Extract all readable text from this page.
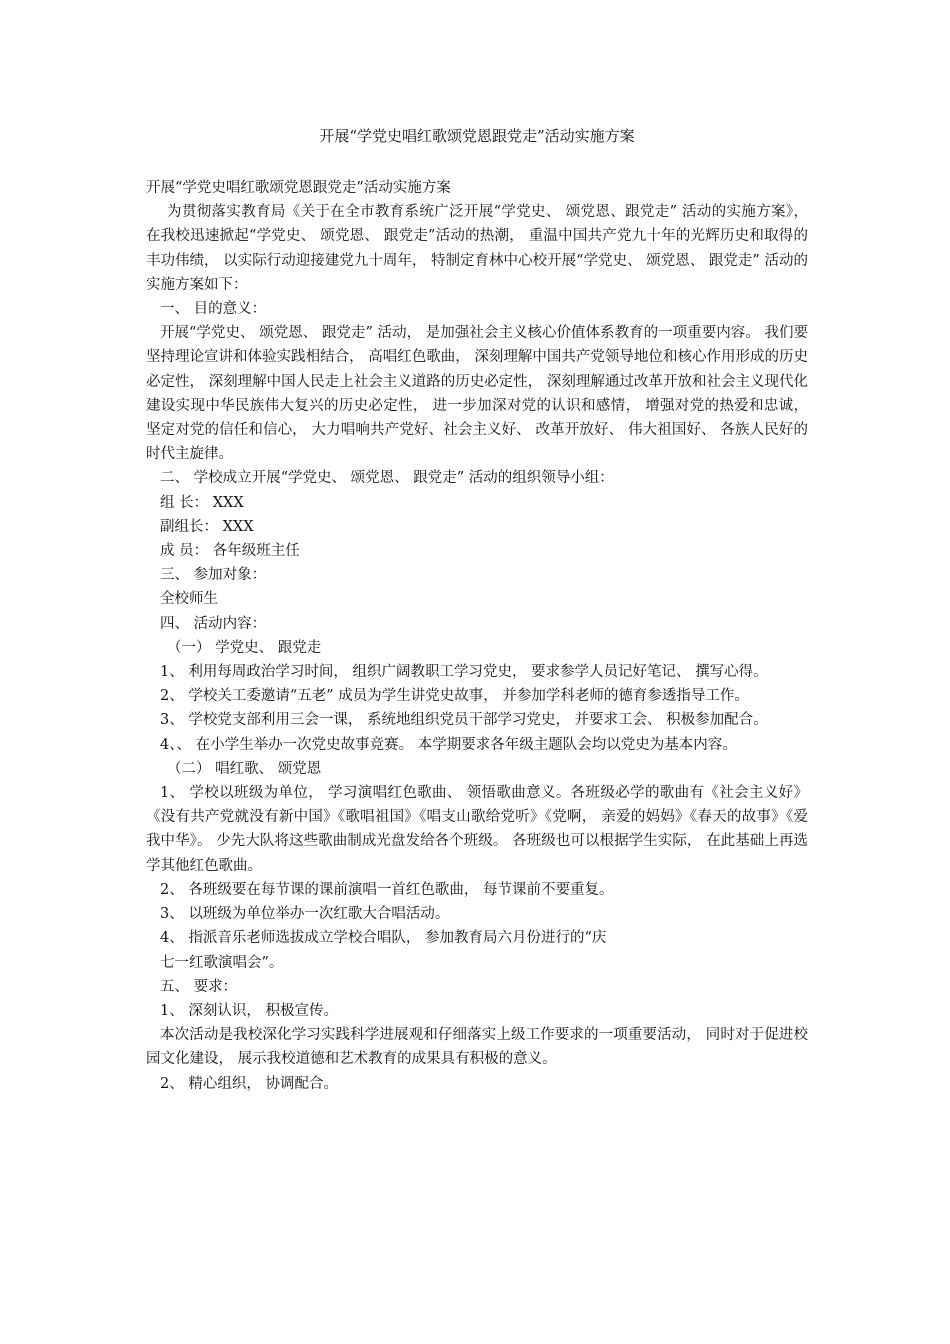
开展“学党史唱红歌颂党恩跟党走”活动实施方案

开展“学党史唱红歌颂党恩跟党走”活动实施方案

为贯彻落实教育局《关于在全市教育系统广泛开展“学党史、 颂党恩、跟党走” 活动的实施方案》， 在我校迅速掀起“学党史、 颂党恩、 跟党走”活动的热潮， 重温中国共产党九十年的光辉历史和取得的丰功伟绩， 以实际行动迎接建党九十周年， 特制定育林中心校开展“学党史、 颂党恩、 跟党走” 活动的实施方案如下：

一、 目的意义：

开展“学党史、 颂党恩、 跟党走” 活动， 是加强社会主义核心价值体系教育的一项重要内容。 我们要坚持理论宣讲和体验实践相结合， 高唱红色歌曲， 深刻理解中国共产党领导地位和核心作用形成的历史必定性， 深刻理解中国人民走上社会主义道路的历史必定性， 深刻理解通过改革开放和社会主义现代化建设实现中华民族伟大复兴的历史必定性， 进一步加深对党的认识和感情， 增强对党的热爱和忠诚， 坚定对党的信任和信心， 大力唱响共产党好、社会主义好、 改革开放好、 伟大祖国好、 各族人民好的时代主旋律。

二、 学校成立开展“学党史、 颂党恩、 跟党走” 活动的组织领导小组：

组 长： XXX

副组长： XXX

成 员： 各年级班主任

三、 参加对象：

全校师生

四、 活动内容：

（一） 学党史、 跟党走

1、 利用每周政治学习时间， 组织广阔教职工学习党史， 要求参学人员记好笔记、 撰写心得。

2、 学校关工委邀请“五老” 成员为学生讲党史故事， 并参加学科老师的德育参透指导工作。

3、 学校党支部利用三会一课， 系统地组织党员干部学习党史， 并要求工会、 积极参加配合。

4、、 在小学生举办一次党史故事竞赛。 本学期要求各年级主题队会均以党史为基本内容。

（二） 唱红歌、 颂党恩

1、 学校以班级为单位， 学习演唱红色歌曲、 领悟歌曲意义。各班级必学的歌曲有《社会主义好》《没有共产党就没有新中国》《歌唱祖国》《唱支山歌给党听》《党啊， 亲爱的妈妈》《春天的故事》《爱我中华》。 少先大队将这些歌曲制成光盘发给各个班级。 各班级也可以根据学生实际， 在此基础上再选学其他红色歌曲。

2、 各班级要在每节课的课前演唱一首红色歌曲， 每节课前不要重复。

3、 以班级为单位举办一次红歌大合唱活动。

4、 指派音乐老师选拔成立学校合唱队， 参加教育局六月份进行的“庆

七一红歌演唱会”。

五、 要求：

1、 深刻认识， 积极宣传。

本次活动是我校深化学习实践科学进展观和仔细落实上级工作要求的一项重要活动， 同时对于促进校园文化建设， 展示我校道德和艺术教育的成果具有积极的意义。

2、 精心组织， 协调配合。
